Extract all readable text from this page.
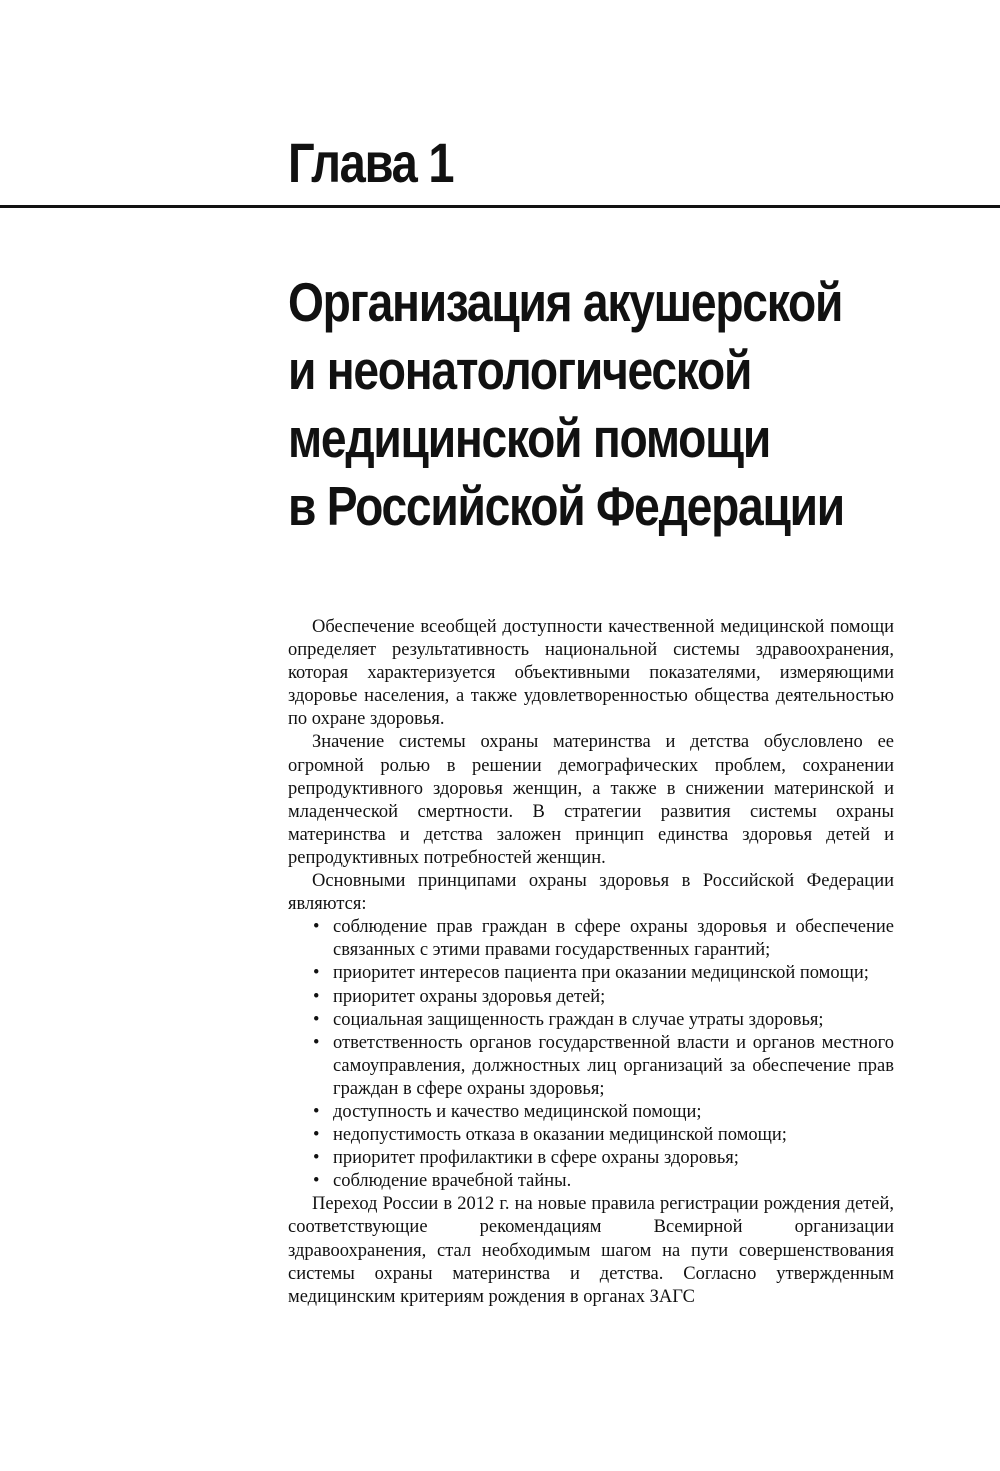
Глава 1
Организация акушерской
и неонатологической
медицинской помощи
в Российской Федерации

Обеспечение всеобщей доступности качественной медицинской помощи определяет результативность национальной системы здравоохранения, которая характеризуется объективными показателями, измеряющими здоровье населения, а также удовлетворенностью общества деятельностью по охране здоровья.

Значение системы охраны материнства и детства обусловлено ее огромной ролью в решении демографических проблем, сохранении репродуктивного здоровья женщин, а также в снижении материнской и младенческой смертности. В стратегии развития системы охраны материнства и детства заложен принцип единства здоровья детей и репродуктивных потребностей женщин.

Основными принципами охраны здоровья в Российской Федерации являются:

• соблюдение прав граждан в сфере охраны здоровья и обеспечение связанных с этими правами государственных гарантий;
• приоритет интересов пациента при оказании медицинской помощи;
• приоритет охраны здоровья детей;
• социальная защищенность граждан в случае утраты здоровья;
• ответственность органов государственной власти и органов местного самоуправления, должностных лиц организаций за обеспечение прав граждан в сфере охраны здоровья;
• доступность и качество медицинской помощи;
• недопустимость отказа в оказании медицинской помощи;
• приоритет профилактики в сфере охраны здоровья;
• соблюдение врачебной тайны.

Переход России в 2012 г. на новые правила регистрации рождения детей, соответствующие рекомендациям Всемирной организации здравоохранения, стал необходимым шагом на пути совершенствования системы охраны материнства и детства. Согласно утвержденным медицинским критериям рождения в органах ЗАГС
